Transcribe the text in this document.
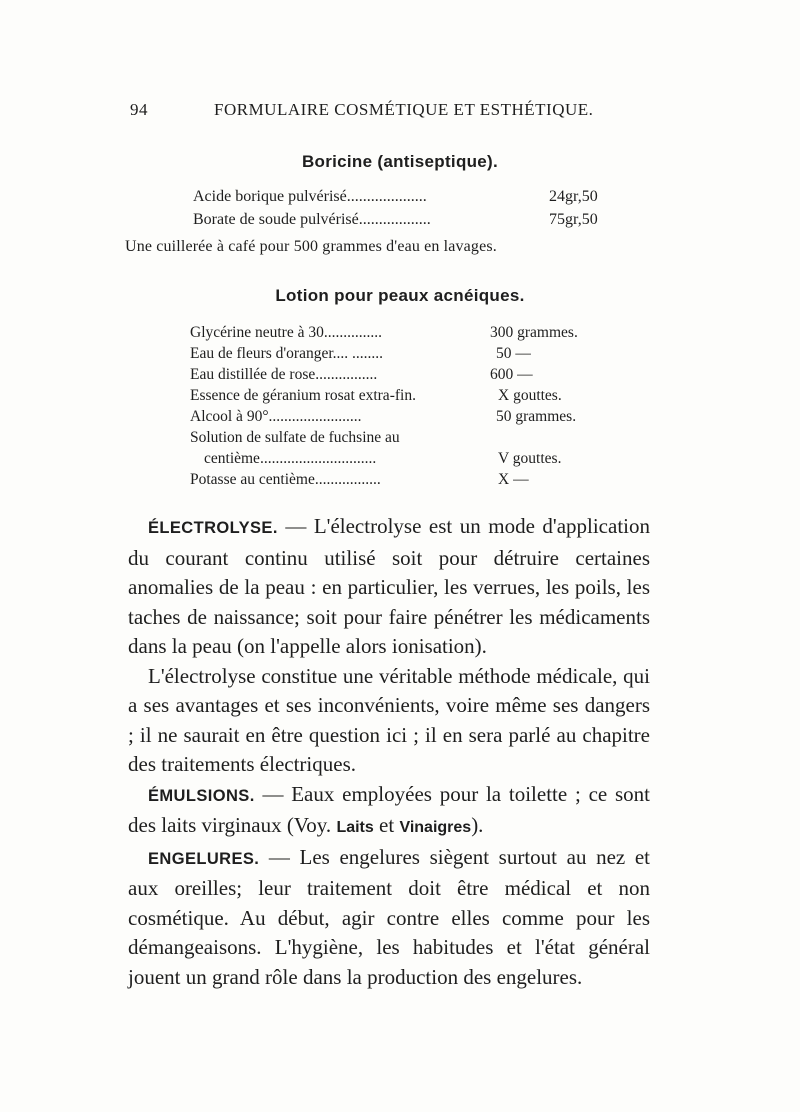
94	FORMULAIRE COSMÉTIQUE ET ESTHÉTIQUE.
Boricine (antiseptique).
Acide borique pulvérisé....................	24gr,50
Borate de soude pulvérisé..................	75gr,50
Une cuillerée à café pour 500 grammes d'eau en lavages.
Lotion pour peaux acnéiques.
Glycérine neutre à 30...............	300 grammes.
Eau de fleurs d'oranger.... ........	50 —
Eau distillée de rose................	600 —
Essence de géranium rosat extra-fin.	X gouttes.
Alcool à 90°........................	50 grammes.
Solution de sulfate de fuchsine au
centième..............................	V gouttes.
Potasse au centième.................	X —

ÉLECTROLYSE. — L'électrolyse est un mode d'application du courant continu utilisé soit pour détruire certaines anomalies de la peau : en particulier, les verrues, les poils, les taches de naissance; soit pour faire pénétrer les médicaments dans la peau (on l'appelle alors ionisation).

L'électrolyse constitue une véritable méthode médicale, qui a ses avantages et ses inconvénients, voire même ses dangers ; il ne saurait en être question ici ; il en sera parlé au chapitre des traitements électriques.

ÉMULSIONS. — Eaux employées pour la toilette ; ce sont des laits virginaux (Voy. Laits et Vinaigres).

ENGELURES. — Les engelures siègent surtout au nez et aux oreilles; leur traitement doit être médical et non cosmétique. Au début, agir contre elles comme pour les démangeaisons. L'hygiène, les habitudes et l'état général jouent un grand rôle dans la production des engelures.
